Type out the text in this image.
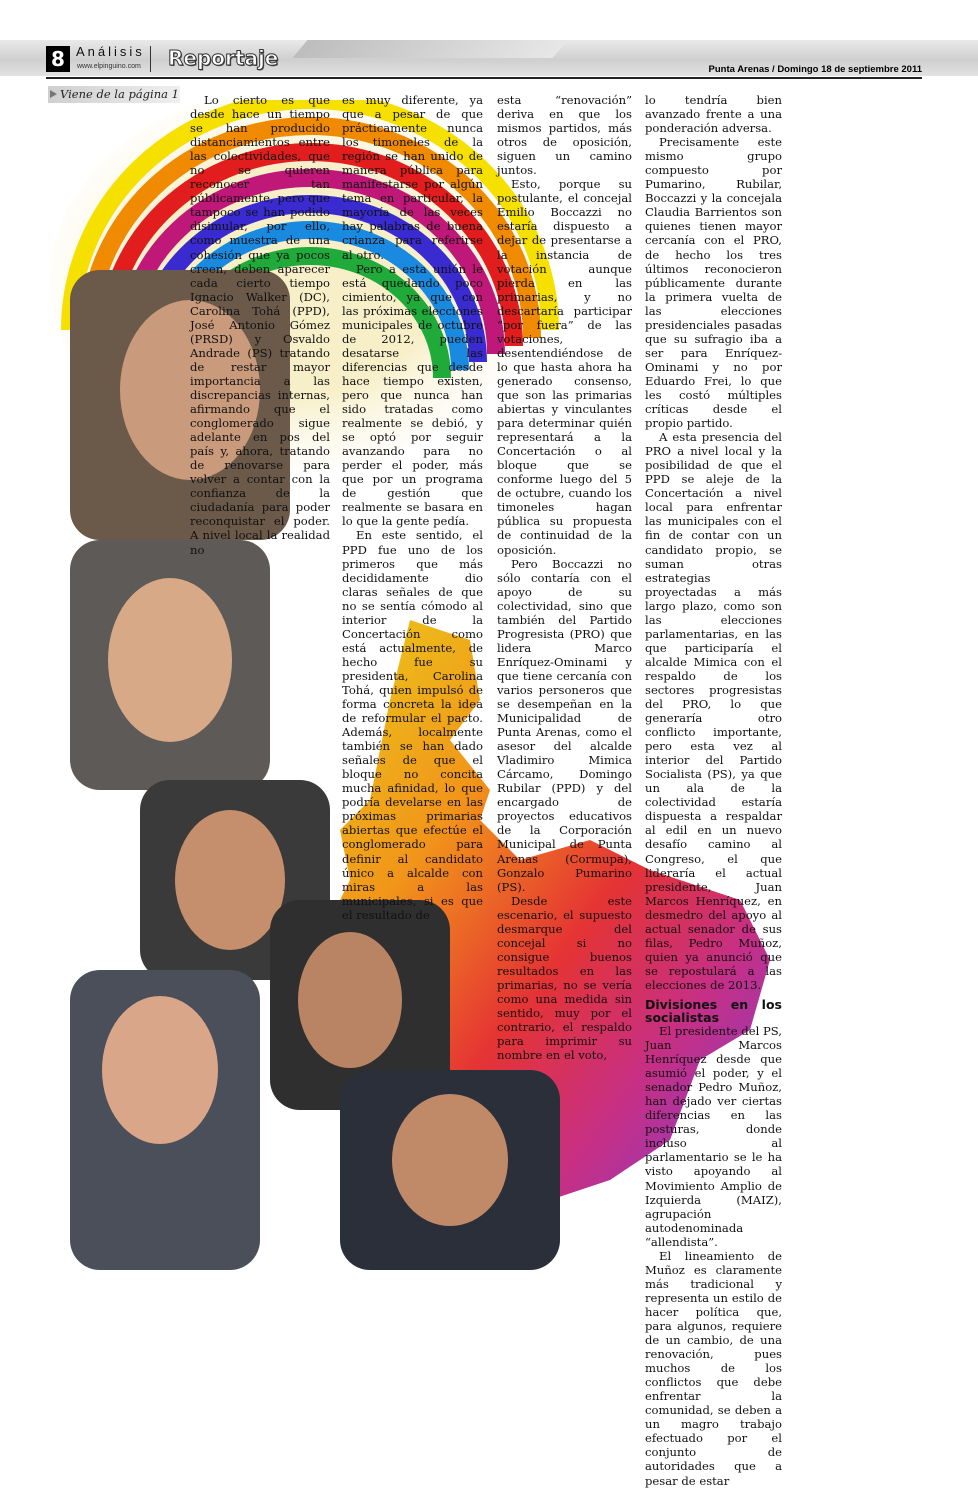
8 Análisis
www.elpinguino.com Reportaje	Punta Arenas / Domingo 18 de septiembre 2011
Viene de la página 1	Lo cierto es que desde hace un tiempo se han producido distanciamientos entre las colectividades, que no se quieren reconocer tan públicamente, pero que tampoco se han podido disimular, por ello, como muestra de una cohesión que ya pocos creen, deben aparecer cada cierto tiempo Ignacio Walker (DC), Carolina Tohá (PPD), José Antonio Gómez (PRSD) y Osvaldo Andrade (PS) tratando de restar mayor importancia a las discrepancias internas, afirmando que el conglomerado sigue adelante en pos del país y, ahora, tratando de renovarse para volver a contar con la confianza de la ciudadanía para poder reconquistar el poder. A nivel local la realidad no

es muy diferente, ya que a pesar de que prácticamente nunca los timoneles de la región se han unido de manera pública para manifestarse por algún tema en particular, la mayoría de las veces hay palabras de buena crianza para referirse al otro.

Pero a esta unión le está quedando poco cimiento, ya que con las próximas elecciones municipales de octubre de 2012, pueden desatarse las diferencias que desde hace tiempo existen, pero que nunca han sido tratadas como realmente se debió, y se optó por seguir avanzando para no perder el poder, más que por un programa de gestión que realmente se basara en lo que la gente pedía.

En este sentido, el PPD fue uno de los primeros que más decididamente dio claras señales de que no se sentía cómodo al interior de la Concertación como está actualmente, de hecho fue su presidenta, Carolina Tohá, quien impulsó de forma concreta la idea de reformular el pacto. Además, localmente también se han dado señales de que el bloque no concita mucha afinidad, lo que podría develarse en las próximas primarias abiertas que efectúe el conglomerado para definir al candidato único a alcalde con miras a las municipales, si es que el resultado de

esta “renovación” deriva en que los mismos partidos, más otros de oposición, siguen un camino juntos.

Esto, porque su postulante, el concejal Emilio Boccazzi no estaría dispuesto a dejar de presentarse a la instancia de votación aunque pierda en las primarias, y no descartaría participar “por fuera” de las votaciones, desentendiéndose de lo que hasta ahora ha generado consenso, que son las primarias abiertas y vinculantes para determinar quién representará a la Concertación o al bloque que se conforme luego del 5 de octubre, cuando los timoneles hagan pública su propuesta de continuidad de la oposición.

Pero Boccazzi no sólo contaría con el apoyo de su colectividad, sino que también del Partido Progresista (PRO) que lidera Marco Enríquez-Ominami y que tiene cercanía con varios personeros que se desempeñan en la Municipalidad de Punta Arenas, como el asesor del alcalde Vladimiro Mimica Cárcamo, Domingo Rubilar (PPD) y del encargado de proyectos educativos de la Corporación Municipal de Punta Arenas (Cormupa), Gonzalo Pumarino (PS).

Desde este escenario, el supuesto desmarque del concejal si no consigue buenos resultados en las primarias, no se vería como una medida sin sentido, muy por el contrario, el respaldo para imprimir su nombre en el voto,

lo tendría bien avanzado frente a una ponderación adversa.

Precisamente este mismo grupo compuesto por Pumarino, Rubilar, Boccazzi y la concejala Claudia Barrientos son quienes tienen mayor cercanía con el PRO, de hecho los tres últimos reconocieron públicamente durante la primera vuelta de las elecciones presidenciales pasadas que su sufragio iba a ser para Enríquez-Ominami y no por Eduardo Frei, lo que les costó múltiples críticas desde el propio partido.

A esta presencia del PRO a nivel local y la posibilidad de que el PPD se aleje de la Concertación a nivel local para enfrentar las municipales con el fin de contar con un candidato propio, se suman otras estrategias proyectadas a más largo plazo, como son las elecciones parlamentarias, en las que participaría el alcalde Mimica con el respaldo de los sectores progresistas del PRO, lo que generaría otro conflicto importante, pero esta vez al interior del Partido Socialista (PS), ya que un ala de la colectividad estaría dispuesta a respaldar al edil en un nuevo desafío camino al Congreso, el que lideraría el actual presidente, Juan Marcos Henríquez, en desmedro del apoyo al actual senador de sus filas, Pedro Muñoz, quien ya anunció que se repostulará a las elecciones de 2013.

Divisiones en los socialistas

El presidente del PS, Juan Marcos Henríquez desde que asumió el poder, y el senador Pedro Muñoz, han dejado ver ciertas diferencias en las posturas, donde incluso al parlamentario se le ha visto apoyando al Movimiento Amplio de Izquierda (MAIZ), agrupación autodenominada “allendista”.

El lineamiento de Muñoz es claramente más tradicional y representa un estilo de hacer política que, para algunos, requiere de un cambio, de una renovación, pues muchos de los conflictos que debe enfrentar la comunidad, se deben a un magro trabajo efectuado por el conjunto de autoridades que a pesar de estar
